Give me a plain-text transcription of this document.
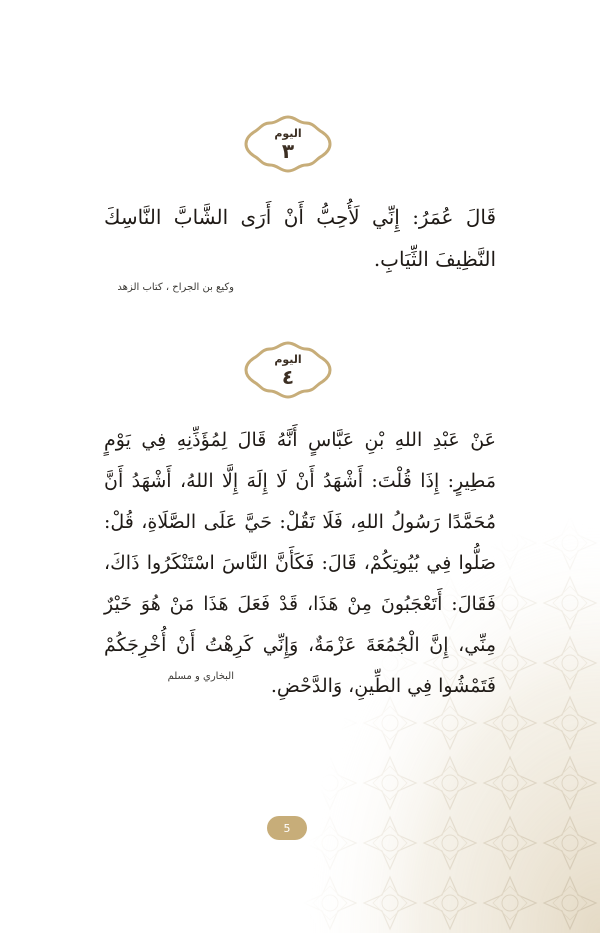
اليوم
٣

قَالَ عُمَرُ: إِنِّي لَأُحِبُّ أَنْ أَرَى الشَّابَّ النَّاسِكَ النَّظِيفَ الثِّيَابِ.

وكيع بن الجراح ، كتاب الزهد
اليوم
٤

عَنْ عَبْدِ اللهِ بْنِ عَبَّاسٍ أَنَّهُ قَالَ لِمُؤَذِّنِهِ فِي يَوْمٍ مَطِيرٍ: إِذَا قُلْتَ: أَشْهَدُ أَنْ لَا إِلَهَ إِلَّا اللهُ، أَشْهَدُ أَنَّ مُحَمَّدًا رَسُولُ اللهِ، فَلَا تَقُلْ: حَيَّ عَلَى الصَّلَاةِ، قُلْ: صَلُّوا فِي بُيُوتِكُمْ، قَالَ: فَكَأَنَّ النَّاسَ اسْتَنْكَرُوا ذَاكَ، فَقَالَ: أَتَعْجَبُونَ مِنْ هَذَا، قَدْ فَعَلَ هَذَا مَنْ هُوَ خَيْرٌ مِنِّي، إِنَّ الْجُمُعَةَ عَزْمَةٌ، وَإِنِّي كَرِهْتُ أَنْ أُخْرِجَكُمْ فَتَمْشُوا فِي الطِّينِ، وَالدَّحْضِ.

البخاري و مسلم
5
